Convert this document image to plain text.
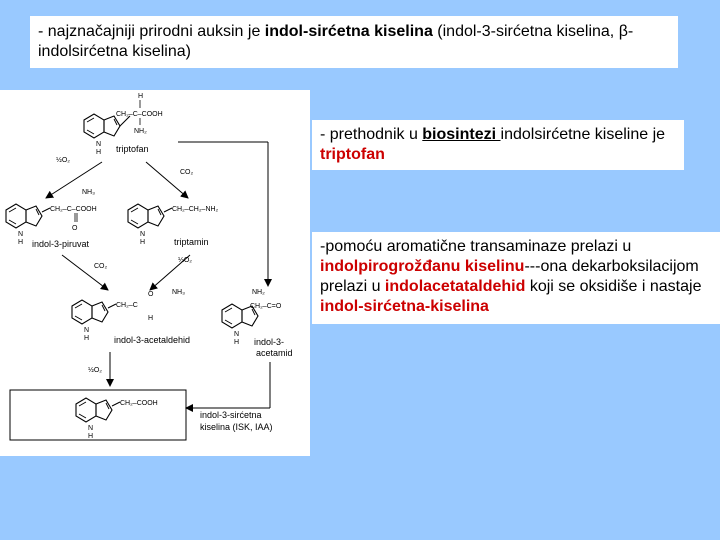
- najznačajniji prirodni auksin je indol-sirćetna kiselina (indol-3-sirćetna kiselina, β-indolsirćetna kiselina)
- prethodnik u biosintezi indolsirćetne kiseline je triptofan
-pomoću aromatične transaminaze prelazi u indolpirogrožđanu kiselinu---ona dekarboksilacijom prelazi u indolacetataldehid koji se oksidiše i nastaje indol-sirćetna-kiselina
H
CH₂–C–COOH
NH₂
N
H triptofan
½O₂
NH₃
CO₂
CH₂–C–COOH
O
N
H indol-3-piruvat
CH₂–CH₂–NH₂
N
H	triptamin
CO₂
½O₂
NH₃
CH₂–C
O
H
N
H	indol-3-acetaldehid
NH₂
CH₂–C=O
N
H indol-3-
acetamid
½O₂
CH₂–COOH
N
H
indol-3-sirćetna
kiselina (ISK, IAA)
